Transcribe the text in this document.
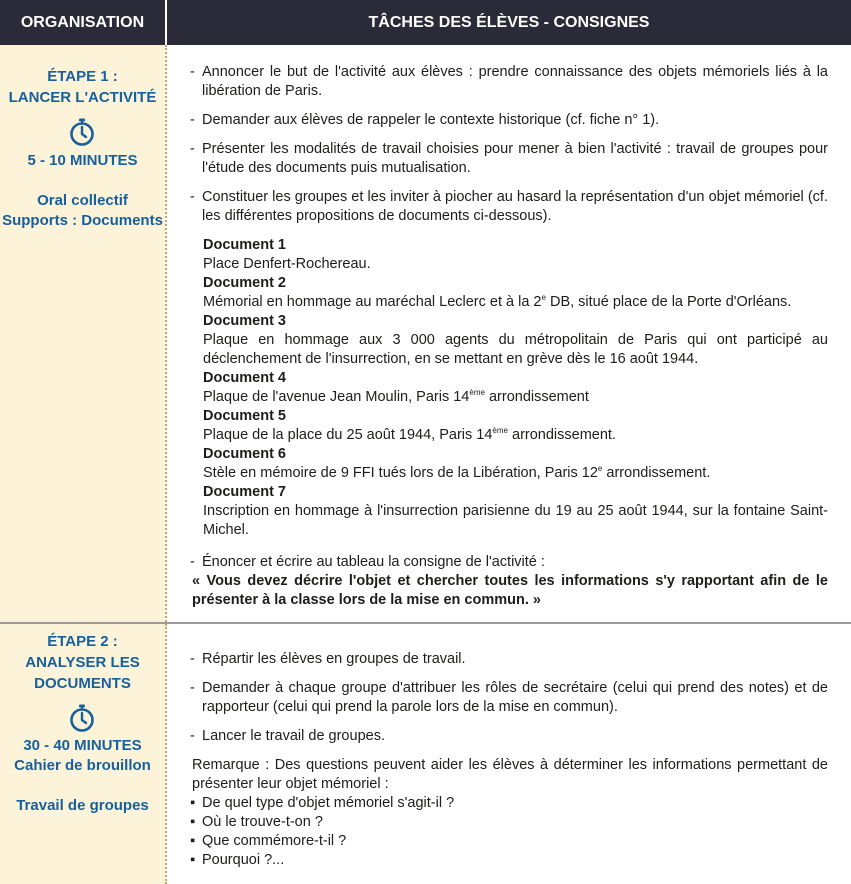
ORGANISATION	TÂCHES DES ÉLÈVES - CONSIGNES
ÉTAPE 1 :
LANCER L'ACTIVITÉ
5 - 10 MINUTES
Oral collectif
Supports : Documents
- Annoncer le but de l'activité aux élèves : prendre connaissance des objets mémoriels liés à la libération de Paris.
- Demander aux élèves de rappeler le contexte historique (cf. fiche n° 1).
- Présenter les modalités de travail choisies pour mener à bien l'activité : travail de groupes pour l'étude des documents puis mutualisation.
- Constituer les groupes et les inviter à piocher au hasard la représentation d'un objet mémoriel (cf. les différentes propositions de documents ci-dessous).
Document 1
Place Denfert-Rochereau.
Document 2
Mémorial en hommage au maréchal Leclerc et à la 2e DB, situé place de la Porte d'Orléans.
Document 3
Plaque en hommage aux 3 000 agents du métropolitain de Paris qui ont participé au déclenchement de l'insurrection, en se mettant en grève dès le 16 août 1944.
Document 4
Plaque de l'avenue Jean Moulin, Paris 14ème arrondissement
Document 5
Plaque de la place du 25 août 1944, Paris 14ème arrondissement.
Document 6
Stèle en mémoire de 9 FFI tués lors de la Libération, Paris 12e arrondissement.
Document 7
Inscription en hommage à l'insurrection parisienne du 19 au 25 août 1944, sur la fontaine Saint-Michel.
- Énoncer et écrire au tableau la consigne de l'activité :
« Vous devez décrire l'objet et chercher toutes les informations s'y rapportant afin de le présenter à la classe lors de la mise en commun. »
ÉTAPE 2 :
ANALYSER LES
DOCUMENTS
30 - 40 MINUTES
Cahier de brouillon
Travail de groupes
- Répartir les élèves en groupes de travail.
- Demander à chaque groupe d'attribuer les rôles de secrétaire (celui qui prend des notes) et de rapporteur (celui qui prend la parole lors de la mise en commun).
- Lancer le travail de groupes.
Remarque : Des questions peuvent aider les élèves à déterminer les informations permettant de présenter leur objet mémoriel :
▪ De quel type d'objet mémoriel s'agit-il ?
▪ Où le trouve-t-on ?
▪ Que commémore-t-il ?
▪ Pourquoi ?...
